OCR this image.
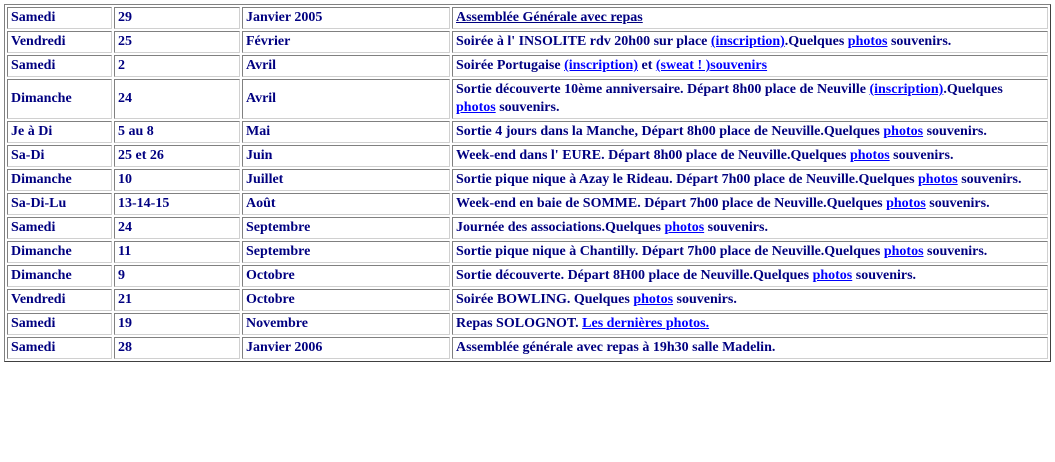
Samedi	29	Janvier 2005	Assemblée Générale avec repas
Vendredi	25	Février	Soirée à l' INSOLITE rdv 20h00 sur place (inscription).Quelques photos souvenirs.
Samedi	2	Avril	Soirée Portugaise (inscription) et (sweat ! )souvenirs
Dimanche	24	Avril	Sortie découverte 10ème anniversaire. Départ 8h00 place de Neuville (inscription).Quelques photos souvenirs.
Je à Di	5 au 8	Mai	Sortie 4 jours dans la Manche, Départ 8h00 place de Neuville.Quelques photos souvenirs.
Sa-Di	25 et 26	Juin	Week-end dans l' EURE. Départ 8h00 place de Neuville.Quelques photos souvenirs.
Dimanche	10	Juillet	Sortie pique nique à Azay le Rideau. Départ 7h00 place de Neuville.Quelques photos souvenirs.
Sa-Di-Lu	13-14-15	Août	Week-end en baie de SOMME. Départ 7h00 place de Neuville.Quelques photos souvenirs.
Samedi	24	Septembre	Journée des associations.Quelques photos souvenirs.
Dimanche	11	Septembre	Sortie pique nique à Chantilly. Départ 7h00 place de Neuville.Quelques photos souvenirs.
Dimanche	9	Octobre	Sortie découverte. Départ 8H00 place de Neuville.Quelques photos souvenirs.
Vendredi	21	Octobre	Soirée BOWLING. Quelques photos souvenirs.
Samedi	19	Novembre	Repas SOLOGNOT. Les dernières photos.
Samedi	28	Janvier 2006	Assemblée générale avec repas à 19h30 salle Madelin.
